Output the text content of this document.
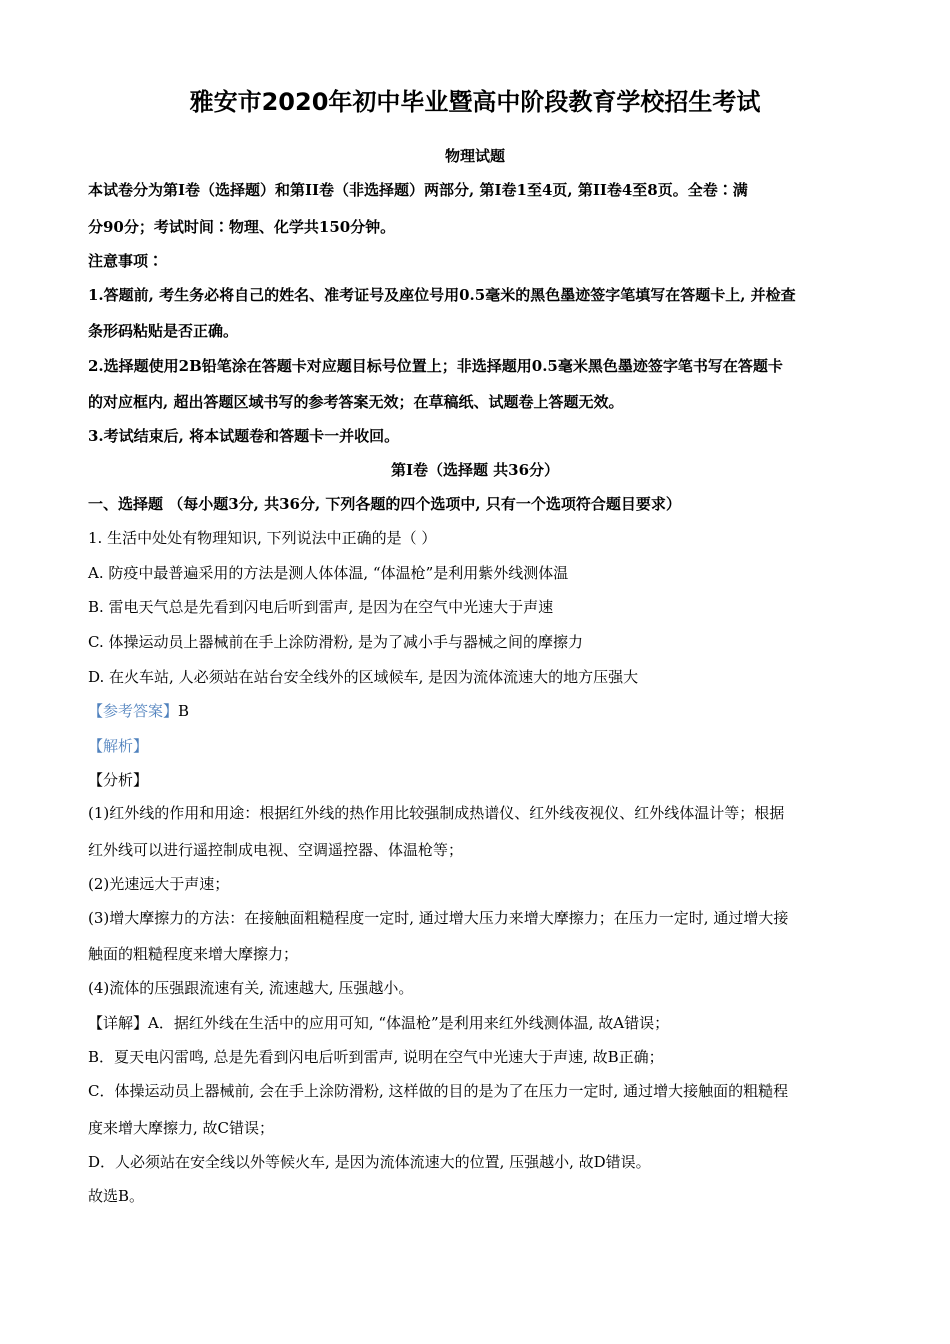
雅安市2020年初中毕业暨高中阶段教育学校招生考试
物理试题
本试卷分为第I卷（选择题）和第II卷（非选择题）两部分, 第I卷1至4页, 第II卷4至8页。全卷∶满
分90分；考试时间∶物理、化学共150分钟。
注意事项∶
1.答题前, 考生务必将自己的姓名、准考证号及座位号用0.5毫米的黑色墨迹签字笔填写在答题卡上, 并检查
条形码粘贴是否正确。
2.选择题使用2B铅笔涂在答题卡对应题目标号位置上；非选择题用0.5毫米黑色墨迹签字笔书写在答题卡
的对应框内, 超出答题区域书写的参考答案无效；在草稿纸、试题卷上答题无效。
3.考试结束后, 将本试题卷和答题卡一并收回。
第I卷（选择题 共36分）
一、选择题 （每小题3分, 共36分, 下列各题的四个选项中, 只有一个选项符合题目要求）
1. 生活中处处有物理知识, 下列说法中正确的是（ ）
A. 防疫中最普遍采用的方法是测人体体温, “体温枪”是利用紫外线测体温
B. 雷电天气总是先看到闪电后听到雷声, 是因为在空气中光速大于声速
C. 体操运动员上器械前在手上涂防滑粉, 是为了减小手与器械之间的摩擦力
D. 在火车站, 人必须站在站台安全线外的区域候车, 是因为流体流速大的地方压强大
【参考答案】B
【解析】
【分析】
(1)红外线的作用和用途：根据红外线的热作用比较强制成热谱仪、红外线夜视仪、红外线体温计等；根据
红外线可以进行遥控制成电视、空调遥控器、体温枪等；
(2)光速远大于声速；
(3)增大摩擦力的方法：在接触面粗糙程度一定时, 通过增大压力来增大摩擦力；在压力一定时, 通过增大接
触面的粗糙程度来增大摩擦力；
(4)流体的压强跟流速有关, 流速越大, 压强越小。
【详解】A．据红外线在生活中的应用可知, “体温枪”是利用来红外线测体温, 故A错误；
B．夏天电闪雷鸣, 总是先看到闪电后听到雷声, 说明在空气中光速大于声速, 故B正确；
C．体操运动员上器械前, 会在手上涂防滑粉, 这样做的目的是为了在压力一定时, 通过增大接触面的粗糙程
度来增大摩擦力, 故C错误；
D．人必须站在安全线以外等候火车, 是因为流体流速大的位置, 压强越小, 故D错误。
故选B。
